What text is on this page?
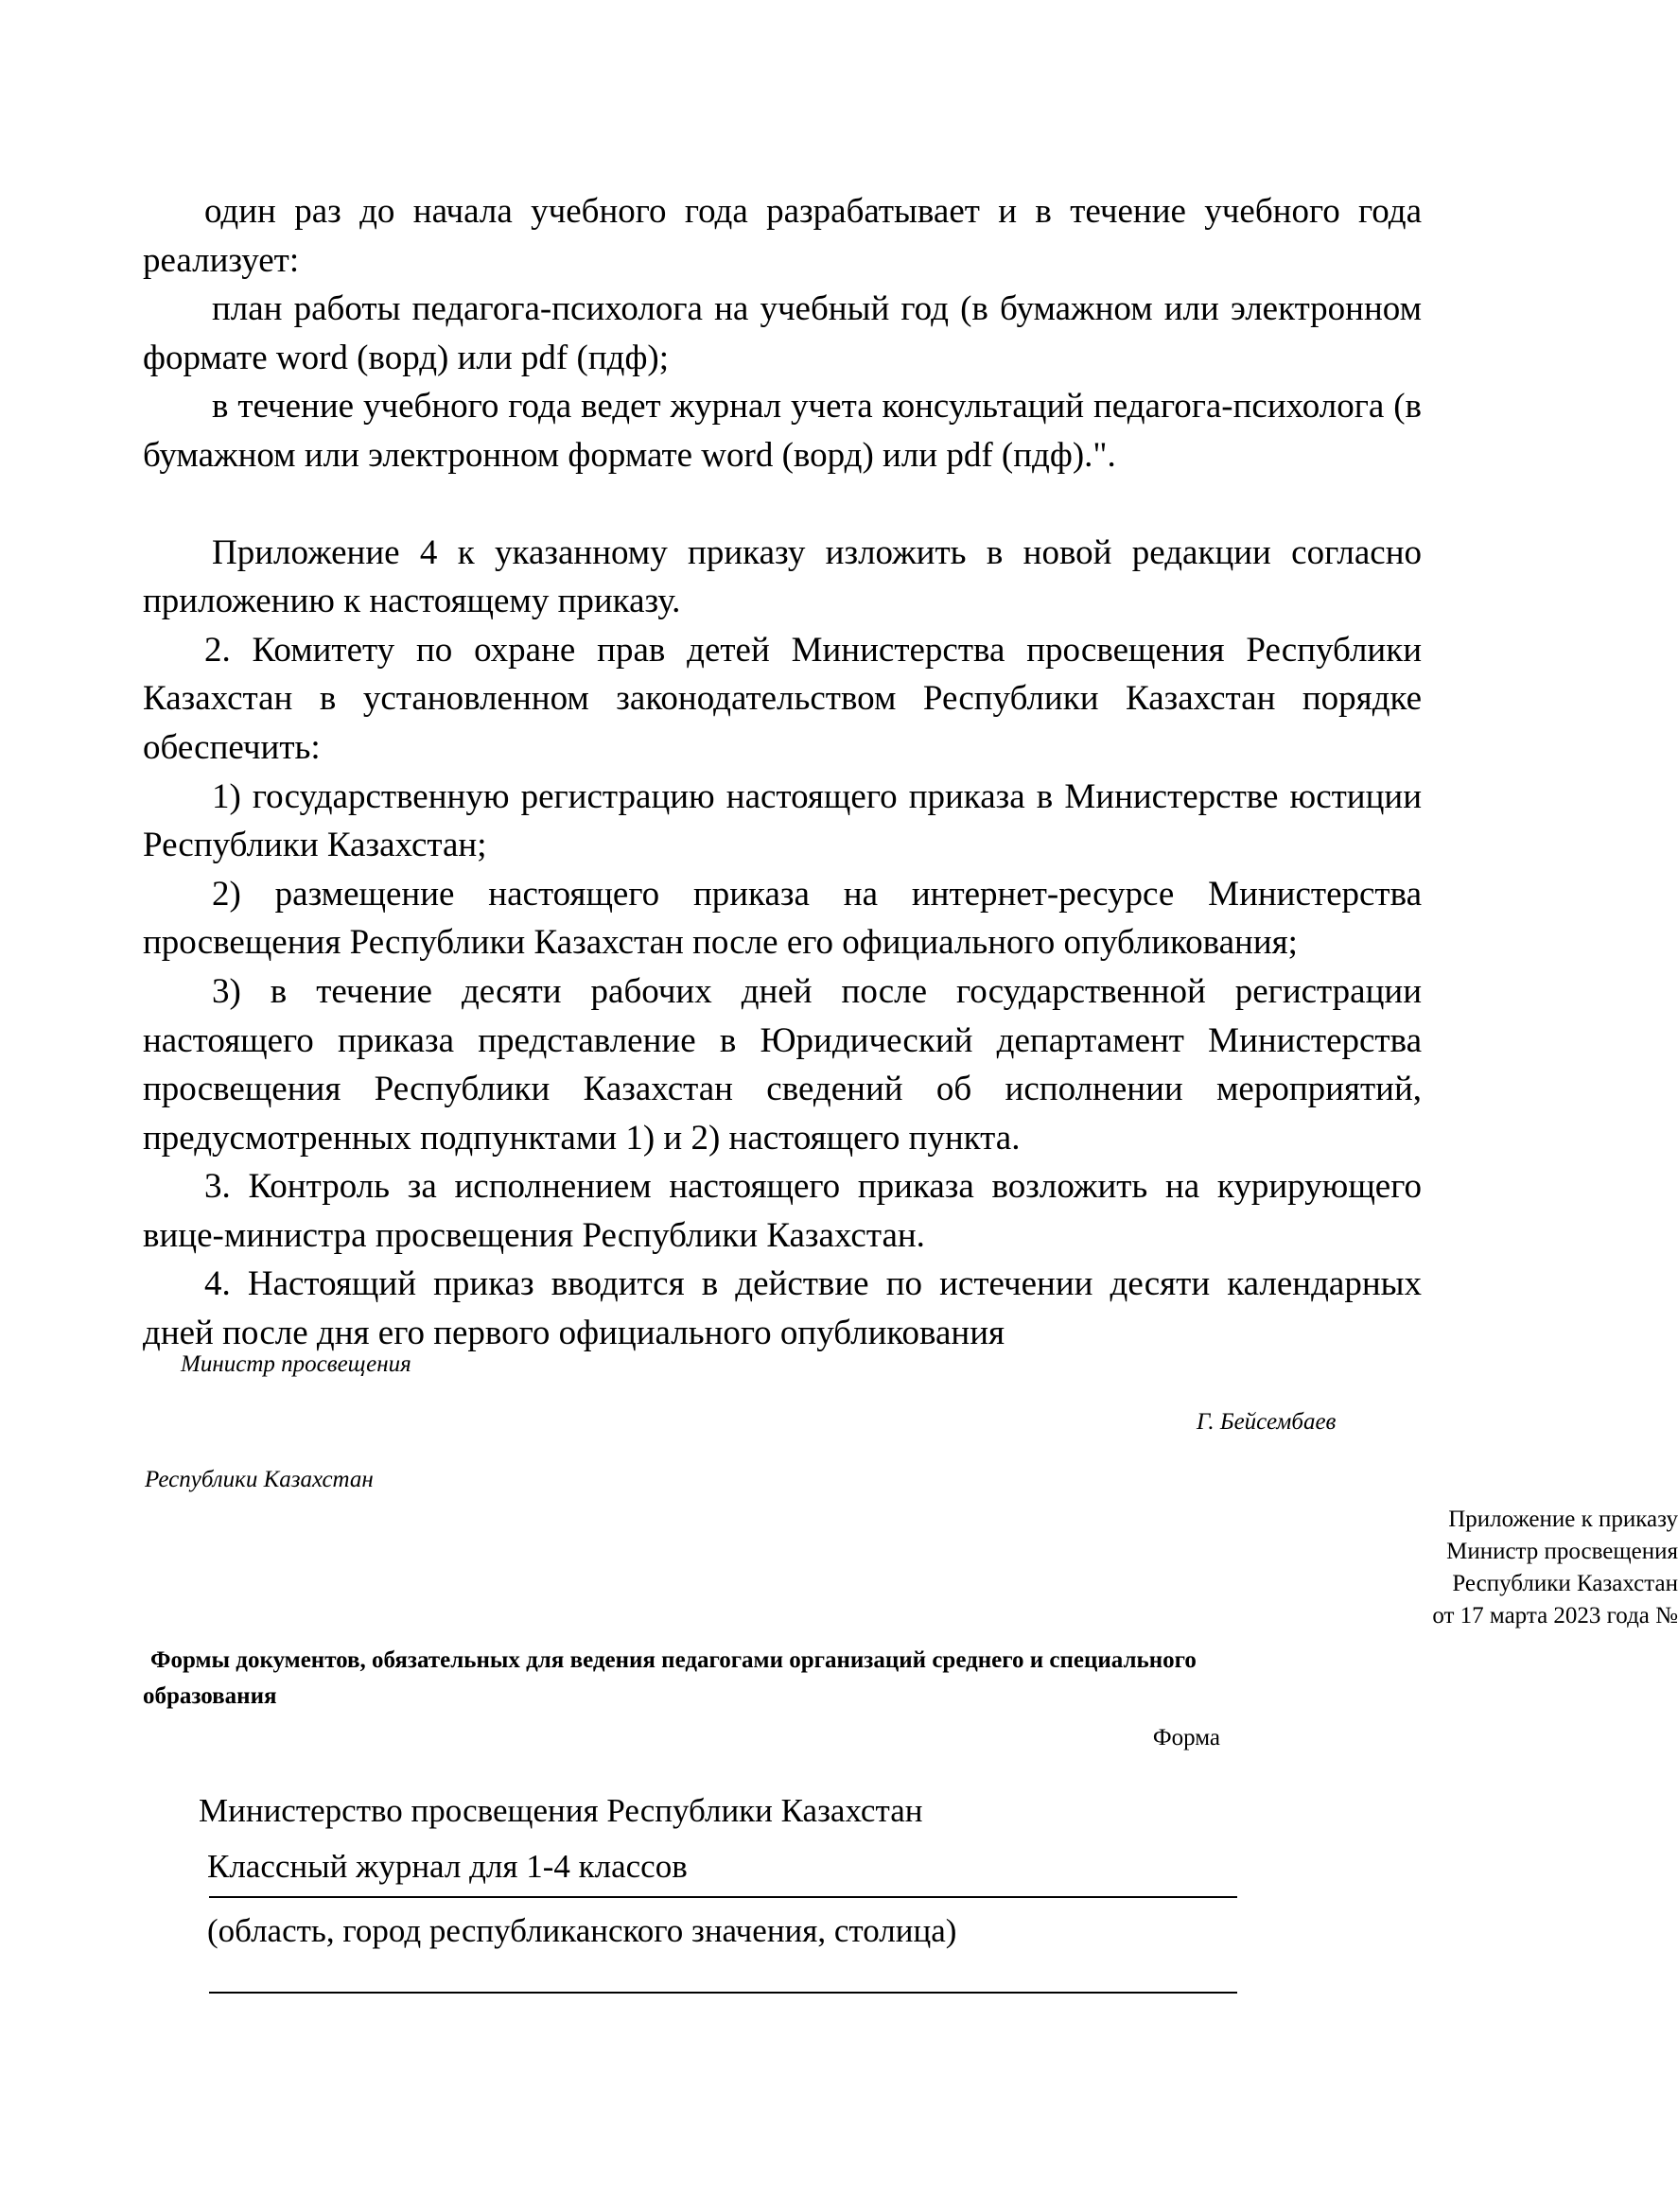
один раз до начала учебного года разрабатывает и в течение учебного года реализует:

план работы педагога-психолога на учебный год (в бумажном или электронном формате word (ворд) или pdf (пдф);

в течение учебного года ведет журнал учета консультаций педагога-психолога (в бумажном или электронном формате word (ворд) или pdf (пдф).".

Приложение 4 к указанному приказу изложить в новой редакции согласно приложению к настоящему приказу.

2. Комитету по охране прав детей Министерства просвещения Республики Казахстан в установленном законодательством Республики Казахстан порядке обеспечить:

1) государственную регистрацию настоящего приказа в Министерстве юстиции Республики Казахстан;

2) размещение настоящего приказа на интернет-ресурсе Министерства просвещения Республики Казахстан после его официального опубликования;

3) в течение десяти рабочих дней после государственной регистрации настоящего приказа представление в Юридический департамент Министерства просвещения Республики Казахстан сведений об исполнении мероприятий, предусмотренных подпунктами 1) и 2) настоящего пункта.

3. Контроль за исполнением настоящего приказа возложить на курирующего вице-министра просвещения Республики Казахстан.

4. Настоящий приказ вводится в действие по истечении десяти календарных дней после дня его первого официального опубликования

Министр просвещения
Г. Бейсембаев
Республики Казахстан
Приложение к приказу
Министр просвещения
Республики Казахстан
от 17 марта 2023 года №
Формы документов, обязательных для ведения педагогами организаций среднего и специального образования
Форма
Министерство просвещения Республики Казахстан
Классный журнал для 1-4 классов
(область, город республиканского значения, столица)
